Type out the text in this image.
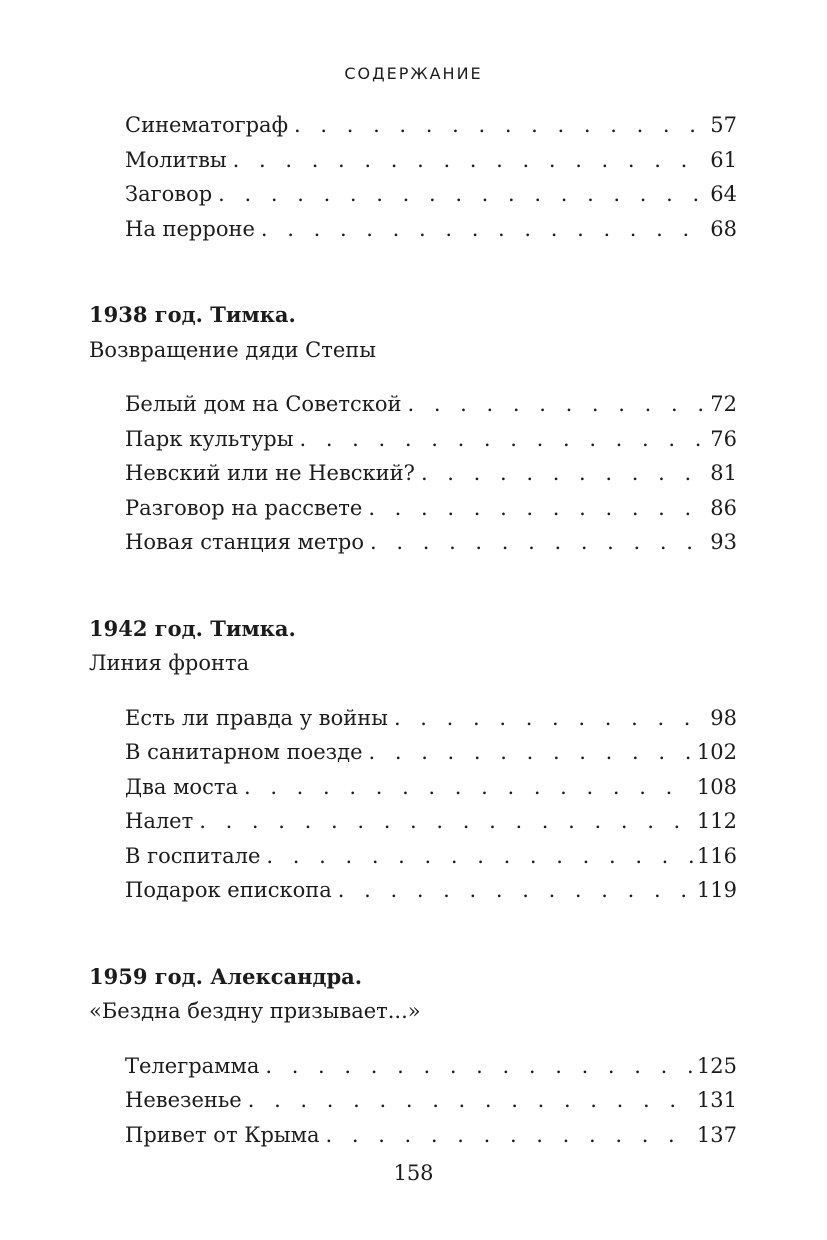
СОДЕРЖАНИЕ
Синематограф . . .	57
Молитвы . . .	61
Заговор . . .	64
На перроне . . .	68
1938 год. Тимка.
Возвращение дяди Степы
Белый дом на Советской . . .	72
Парк культуры . . .	76
Невский или не Невский? . . .	81
Разговор на рассвете . . .	86
Новая станция метро . . .	93
1942 год. Тимка.
Линия фронта
Есть ли правда у войны . . .	98
В санитарном поезде . . .	102
Два моста . . .	108
Налет . . .	112
В госпитале . . .	116
Подарок епископа . . .	119
1959 год. Александра.
«Бездна бездну призывает...»
Телеграмма . . .	125
Невезенье . . .	131
Привет от Крыма . . .	137
158
